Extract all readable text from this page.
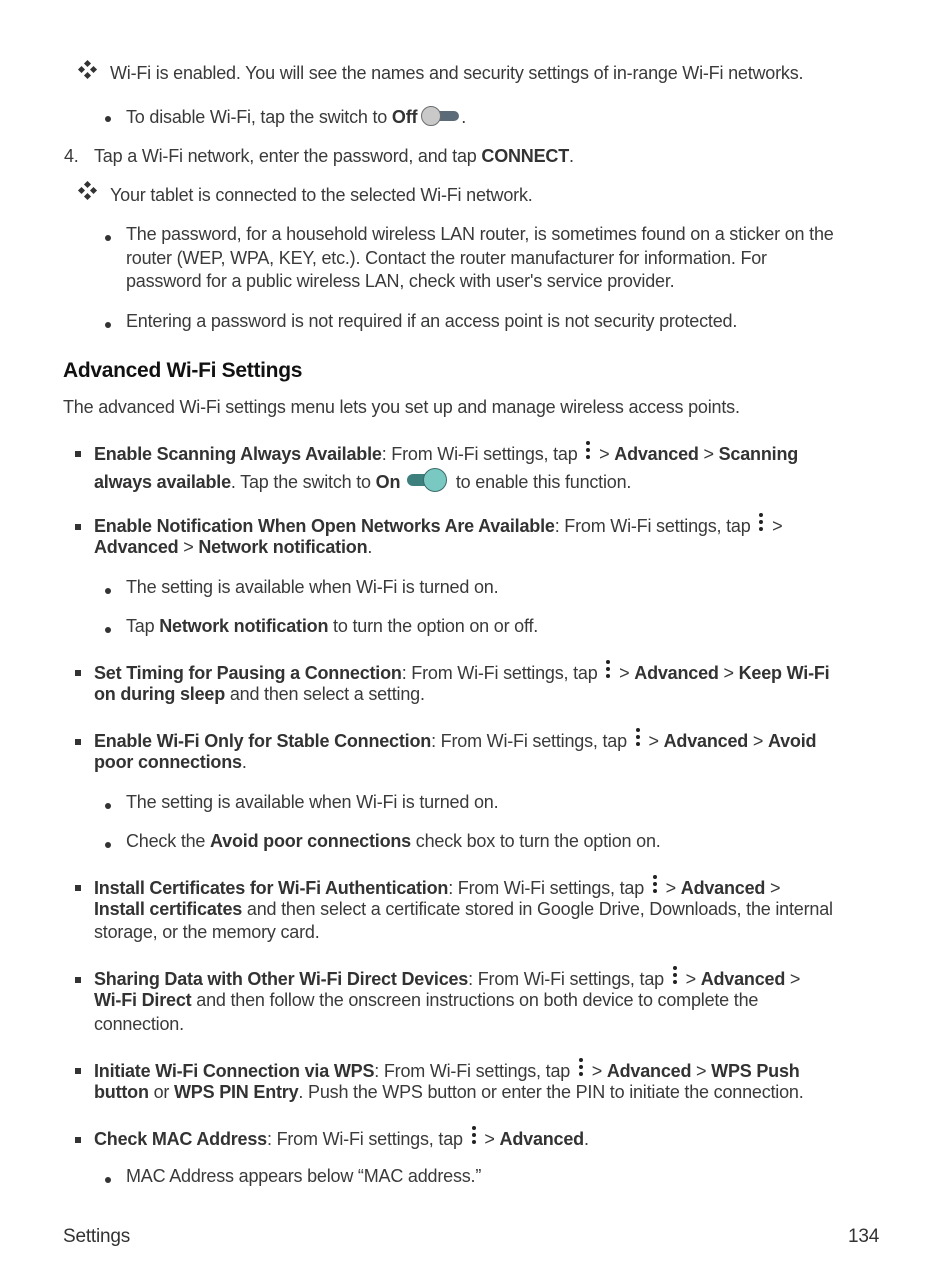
Wi-Fi is enabled. You will see the names and security settings of in-range Wi-Fi networks.
To disable Wi-Fi, tap the switch to Off .
4. Tap a Wi-Fi network, enter the password, and tap CONNECT.
Your tablet is connected to the selected Wi-Fi network.
The password, for a household wireless LAN router, is sometimes found on a sticker on the
router (WEP, WPA, KEY, etc.). Contact the router manufacturer for information. For
password for a public wireless LAN, check with user's service provider.
Entering a password is not required if an access point is not security protected.
Advanced Wi-Fi Settings
The advanced Wi-Fi settings menu lets you set up and manage wireless access points.
Enable Scanning Always Available: From Wi-Fi settings, tap
> Advanced > Scanning
always available. Tap the switch to On	to enable this function.
Enable Notification When Open Networks Are Available: From Wi-Fi settings, tap
>
Advanced > Network notification.
The setting is available when Wi-Fi is turned on.
Tap Network notification to turn the option on or off.
Set Timing for Pausing a Connection: From Wi-Fi settings, tap
> Advanced > Keep Wi-Fi
on during sleep and then select a setting.
Enable Wi-Fi Only for Stable Connection: From Wi-Fi settings, tap
> Advanced > Avoid
poor connections.
The setting is available when Wi-Fi is turned on.
Check the Avoid poor connections check box to turn the option on.
Install Certificates for Wi-Fi Authentication: From Wi-Fi settings, tap
> Advanced >
Install certificates and then select a certificate stored in Google Drive, Downloads, the internal
storage, or the memory card.
Sharing Data with Other Wi-Fi Direct Devices: From Wi-Fi settings, tap
> Advanced >
Wi-Fi Direct and then follow the onscreen instructions on both device to complete the
connection.
Initiate Wi-Fi Connection via WPS: From Wi-Fi settings, tap
> Advanced > WPS Push
button or WPS PIN Entry. Push the WPS button or enter the PIN to initiate the connection.
Check MAC Address: From Wi-Fi settings, tap
> Advanced.
MAC Address appears below “MAC address.”
Settings	134
